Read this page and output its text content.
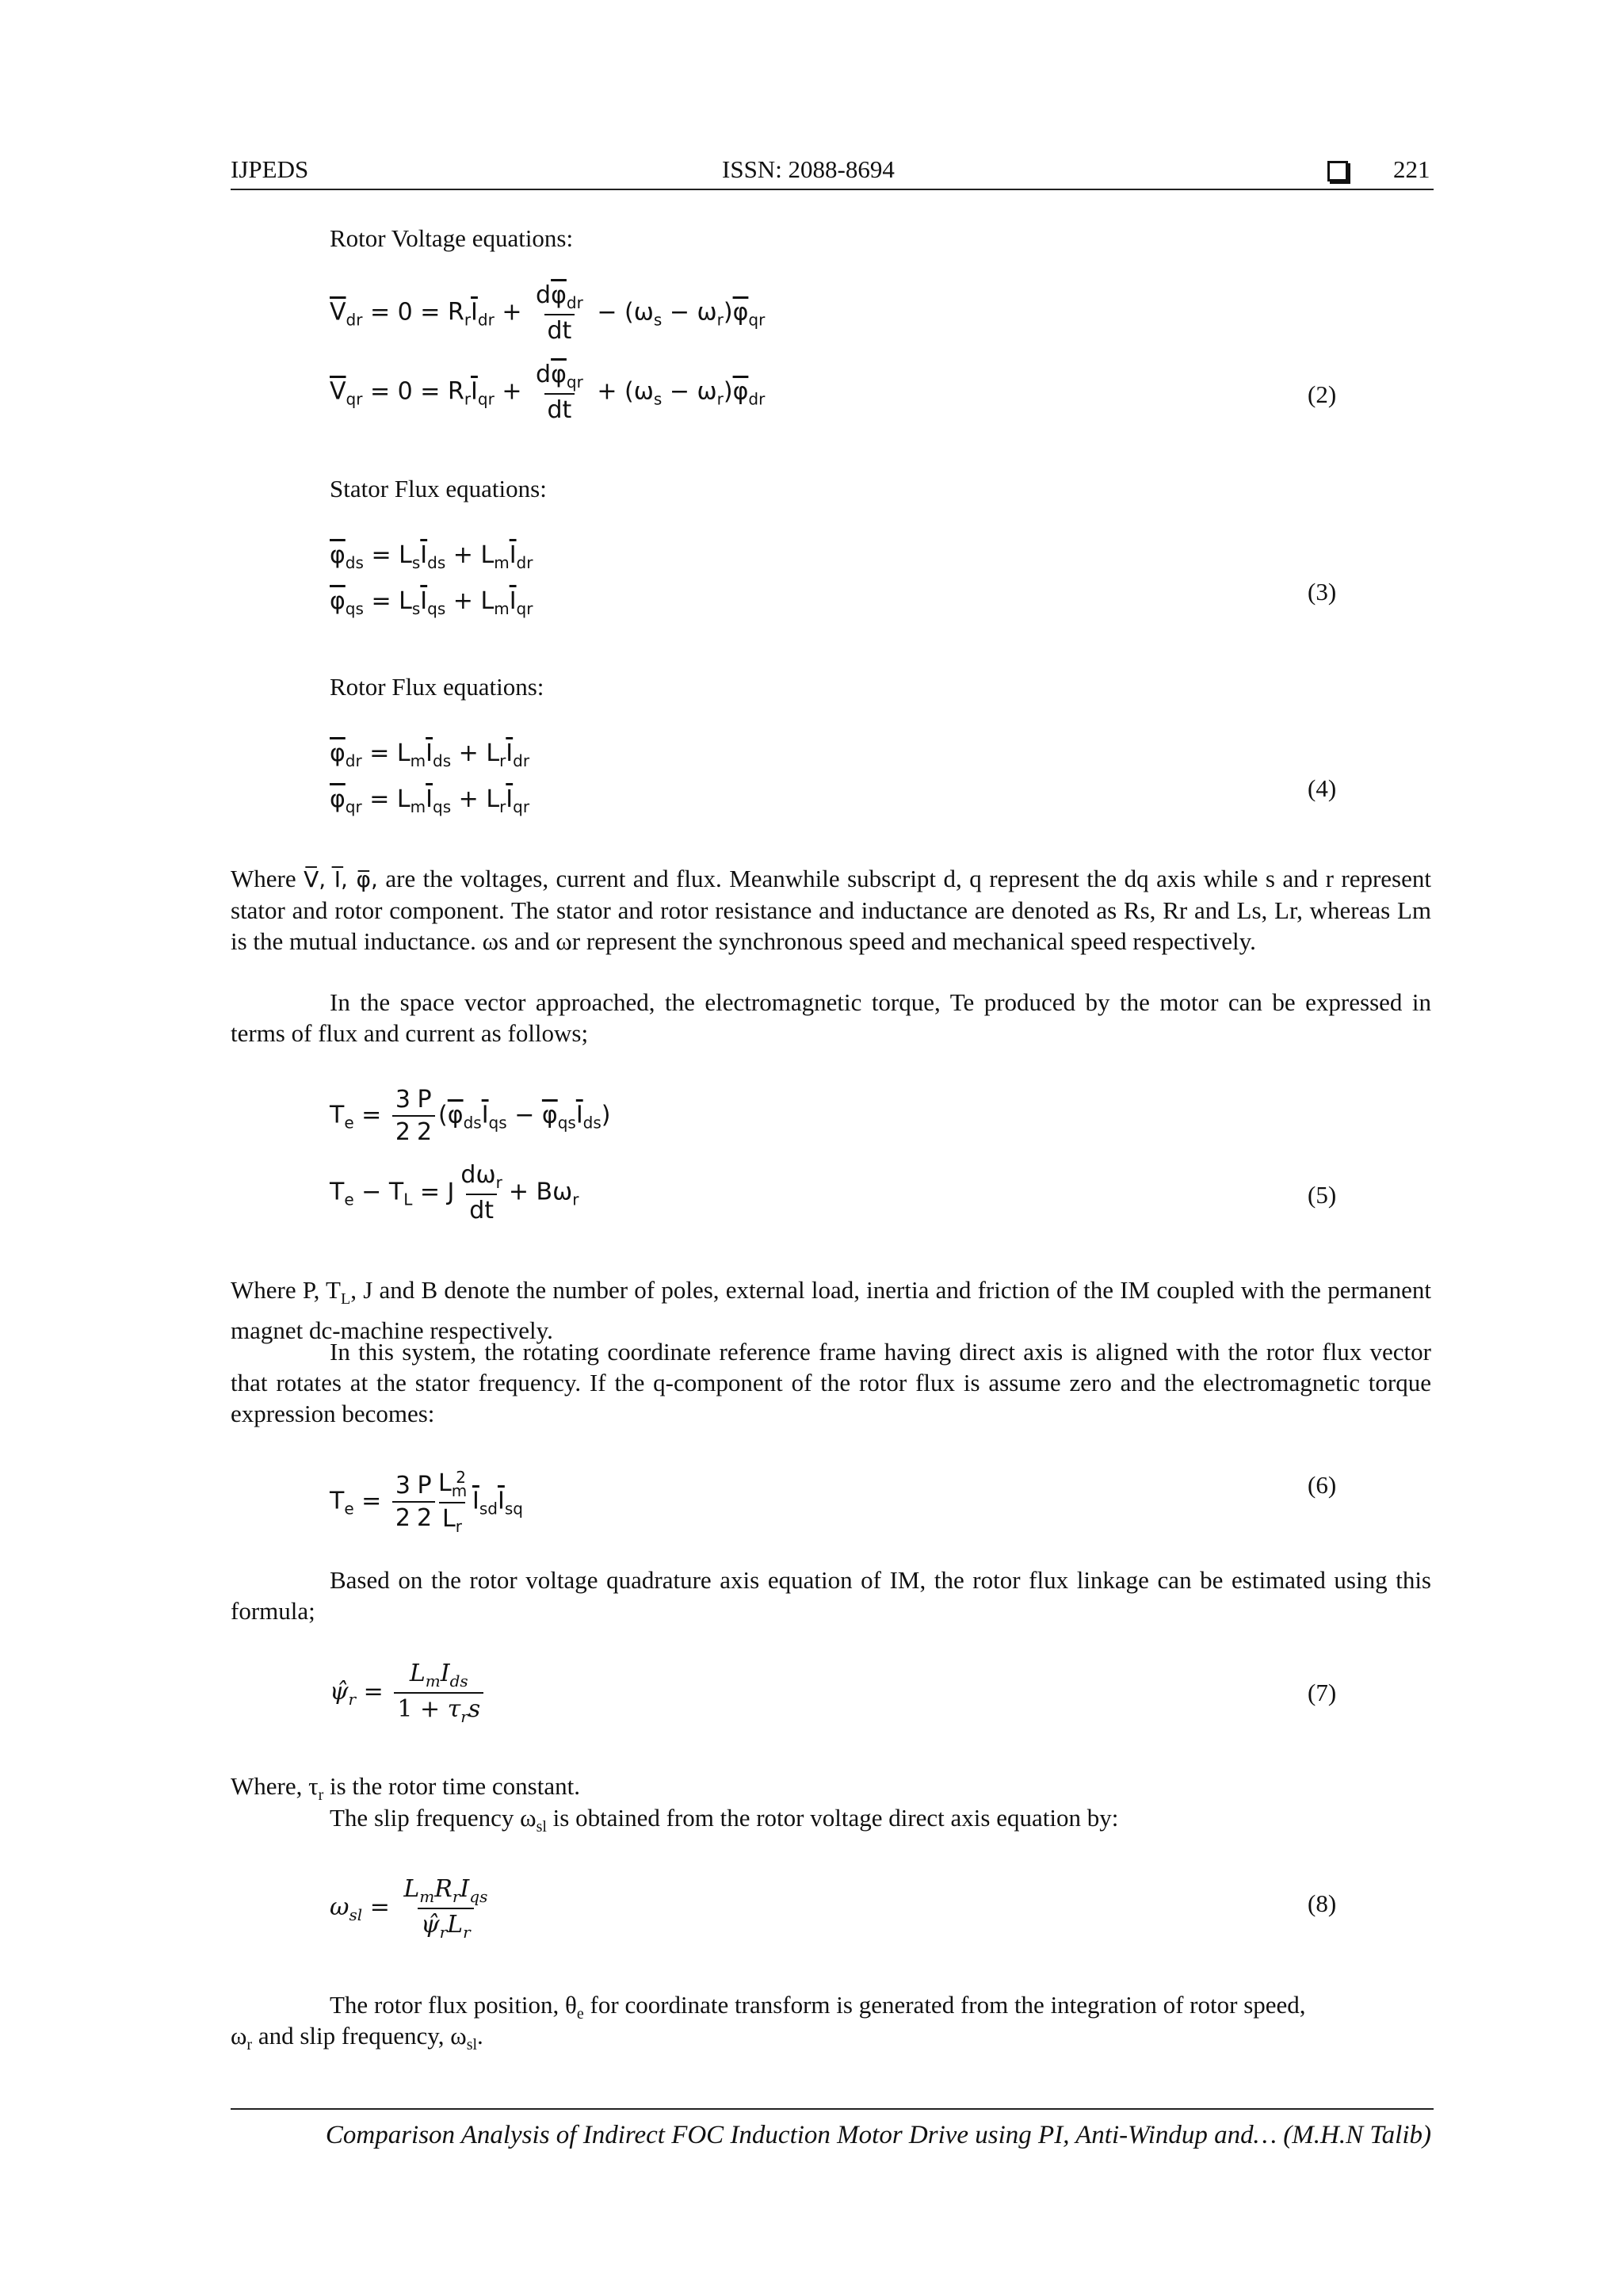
IJPEDS	ISSN: 2088-8694	221
Rotor Voltage equations:
$\overline{V}_{dr} = 0 = R_r\overline{I}_{dr} + \frac{d\overline{\varphi}_{dr}}{dt} - (\omega_s - \omega_r)\overline{\varphi}_{qr}$
$\overline{V}_{qr} = 0 = R_r\overline{I}_{qr} + \frac{d\overline{\varphi}_{qr}}{dt} + (\omega_s - \omega_r)\overline{\varphi}_{dr}$	(2)
Stator Flux equations:
$\overline{\varphi}_{ds} = L_s\overline{I}_{ds} + L_m\overline{I}_{dr}$
$\overline{\varphi}_{qs} = L_s\overline{I}_{qs} + L_m\overline{I}_{qr}$
(3)
Rotor Flux equations:
$\overline{\varphi}_{dr} = L_m\overline{I}_{ds} + L_r\overline{I}_{dr}$
$\overline{\varphi}_{qr} = L_m\overline{I}_{qs} + L_r\overline{I}_{qr}$
(4)
Where V̅, I̅, φ̅, are the voltages, current and flux. Meanwhile subscript d, q represent the dq axis while s and r represent stator and rotor component. The stator and rotor resistance and inductance are denoted as Rs, Rr and Ls, Lr, whereas Lm is the mutual inductance. ωs and ωr represent the synchronous speed and mechanical speed respectively.
In the space vector approached, the electromagnetic torque, Te produced by the motor can be expressed in terms of flux and current as follows;
$T_e = \frac{3}{2} \frac{P}{2} (\overline{\varphi}_{ds}\overline{I}_{qs} - \overline{\varphi}_{qs}\overline{I}_{ds})$
$T_e - T_L = J \frac{d\omega_r}{dt} + B\omega_r$	(5)
Where P, $T_L$, J and B denote the number of poles, external load, inertia and friction of the IM coupled with the permanent magnet dc-machine respectively.
In this system, the rotating coordinate reference frame having direct axis is aligned with the rotor flux vector that rotates at the stator frequency. If the q-component of the rotor flux is assume zero and the electromagnetic torque expression becomes:
$T_e = \frac{3}{2} \frac{P}{2} \frac{L_m^2}{L_r} \overline{I}_{sd}\overline{I}_{sq}$
(6)
Based on the rotor voltage quadrature axis equation of IM, the rotor flux linkage can be estimated using this formula;
$\psî_r = \frac{L_mI_{ds}}{1 + \tau_rs}$	(7)
Where, $\tau_r$ is the rotor time constant.
The slip frequency $\omega_{sl}$ is obtained from the rotor voltage direct axis equation by:
$\omega_{sl} = \frac{L_mR_rI_{qs}}{\psî_rL_r}$	(8)
The rotor flux position, $\theta_e$ for coordinate transform is generated from the integration of rotor speed,
$\omega_r$ and slip frequency, $\omega_{sl}$.
Comparison Analysis of Indirect FOC Induction Motor Drive using PI, Anti-Windup and… (M.H.N Talib)
